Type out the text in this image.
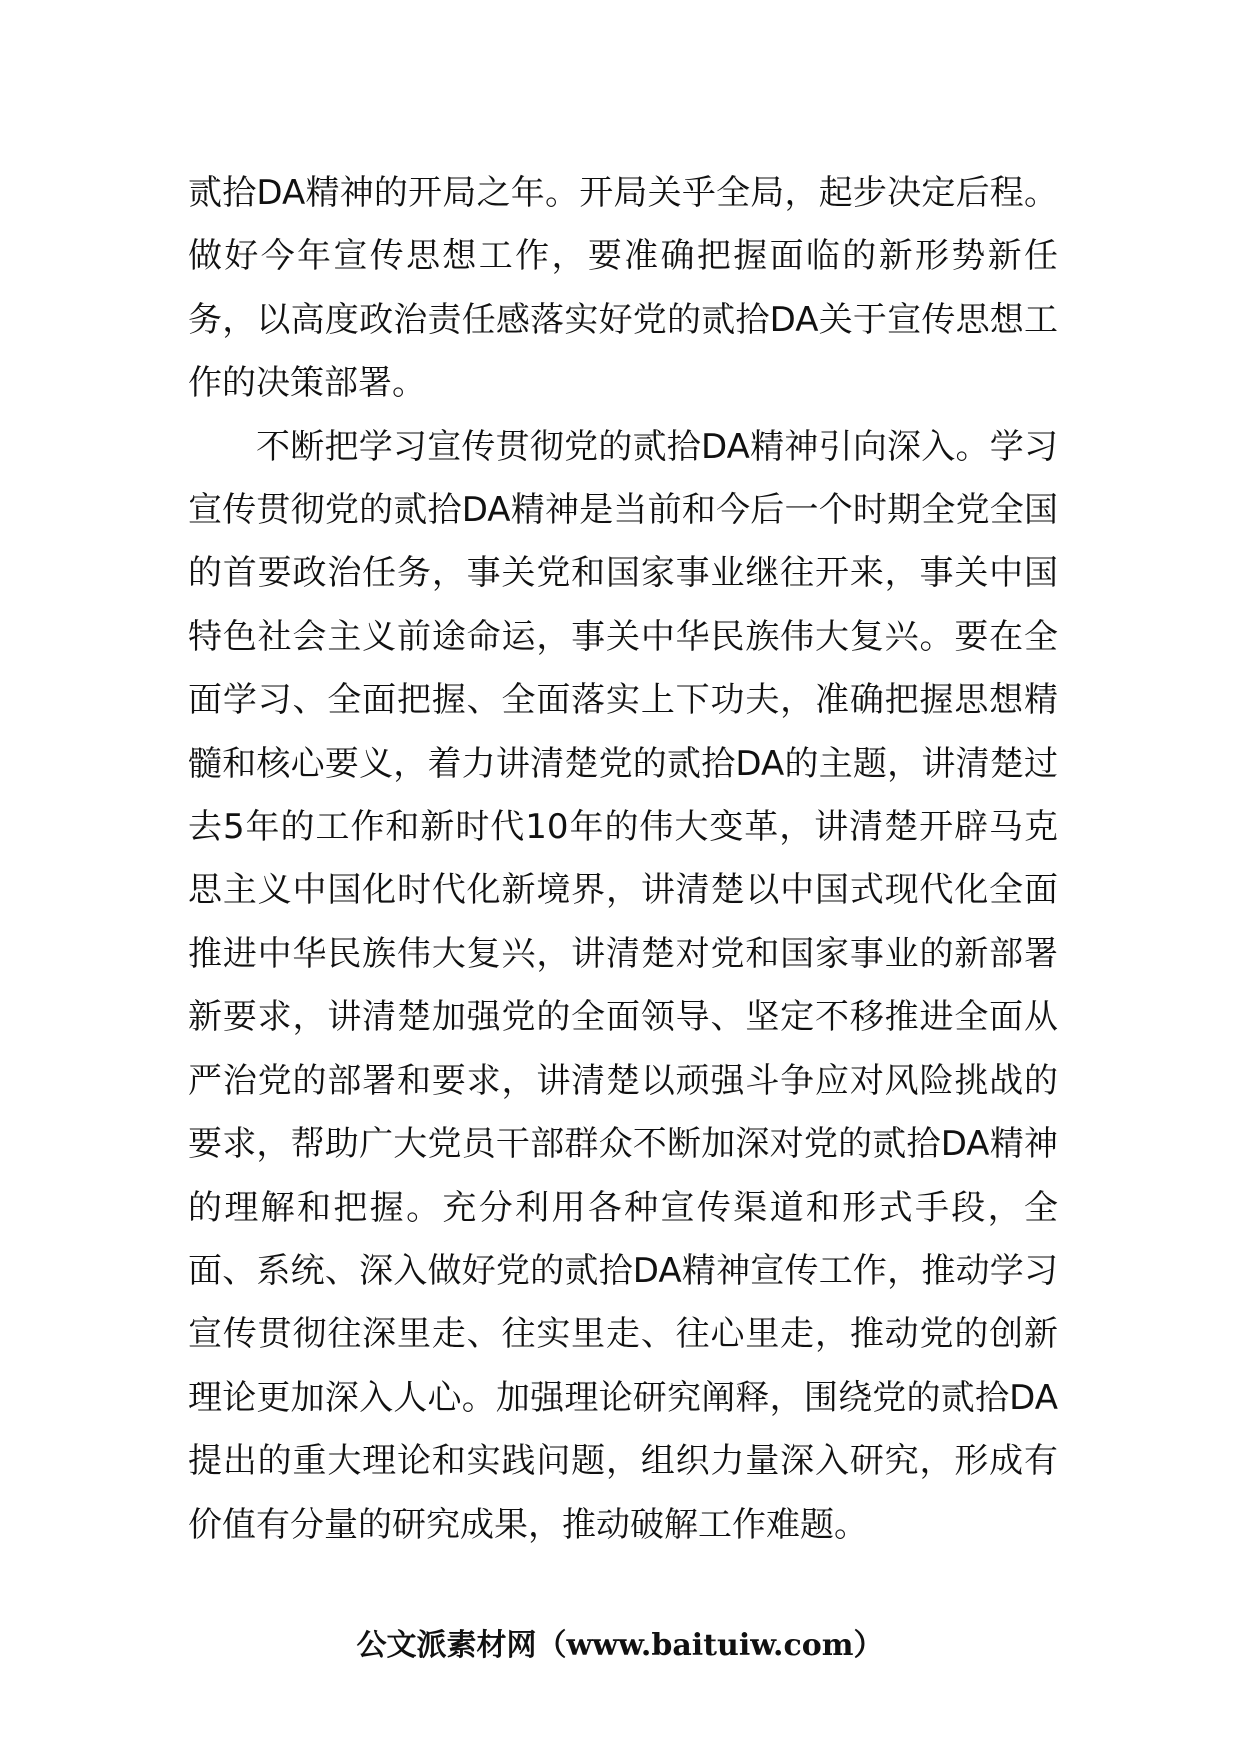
贰拾DA精神的开局之年。开局关乎全局，起步决定后程。做好今年宣传思想工作，要准确把握面临的新形势新任务，以高度政治责任感落实好党的贰拾DA关于宣传思想工作的决策部署。

不断把学习宣传贯彻党的贰拾DA精神引向深入。学习宣传贯彻党的贰拾DA精神是当前和今后一个时期全党全国的首要政治任务，事关党和国家事业继往开来，事关中国特色社会主义前途命运，事关中华民族伟大复兴。要在全面学习、全面把握、全面落实上下功夫，准确把握思想精髓和核心要义，着力讲清楚党的贰拾DA的主题，讲清楚过去5年的工作和新时代10年的伟大变革，讲清楚开辟马克思主义中国化时代化新境界，讲清楚以中国式现代化全面推进中华民族伟大复兴，讲清楚对党和国家事业的新部署新要求，讲清楚加强党的全面领导、坚定不移推进全面从严治党的部署和要求，讲清楚以顽强斗争应对风险挑战的要求，帮助广大党员干部群众不断加深对党的贰拾DA精神的理解和把握。充分利用各种宣传渠道和形式手段，全面、系统、深入做好党的贰拾DA精神宣传工作，推动学习宣传贯彻往深里走、往实里走、往心里走，推动党的创新理论更加深入人心。加强理论研究阐释，围绕党的贰拾DA提出的重大理论和实践问题，组织力量深入研究，形成有价值有分量的研究成果，推动破解工作难题。

公文派素材网（www.baituiw.com）
